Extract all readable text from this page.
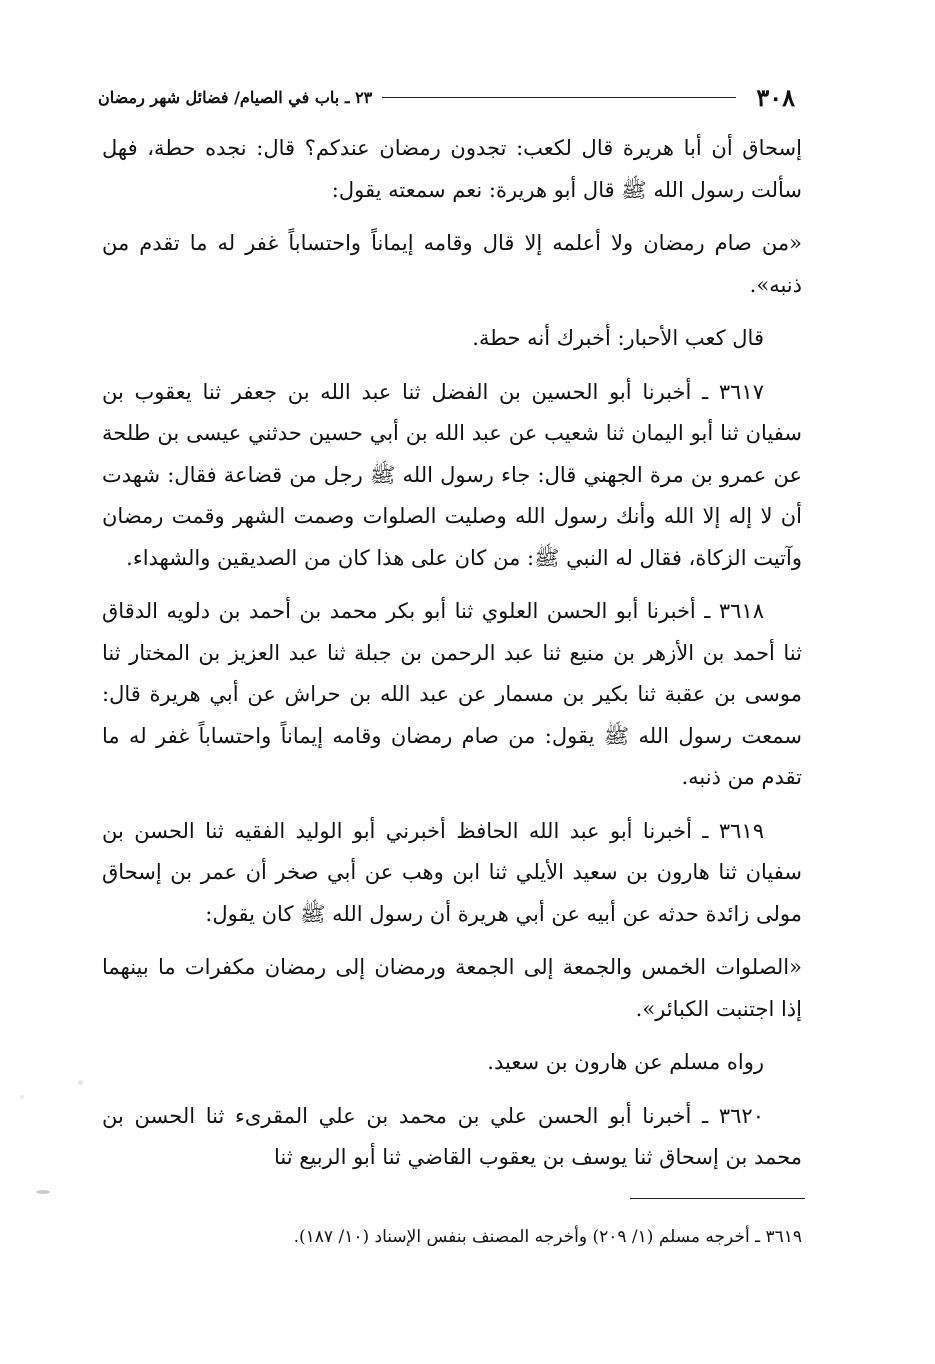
٣٠٨
٢٣ ـ باب في الصيام/ فضائل شهر رمضان

إسحاق أن أبا هريرة قال لكعب: تجدون رمضان عندكم؟ قال: نجده حطة، فهل سألت رسول الله ﷺ قال أبو هريرة: نعم سمعته يقول:

«من صام رمضان ولا أعلمه إلا قال وقامه إيماناً واحتساباً غفر له ما تقدم من ذنبه».

قال كعب الأحبار: أخبرك أنه حطة.

٣٦١٧ ـ أخبرنا أبو الحسين بن الفضل ثنا عبد الله بن جعفر ثنا يعقوب بن سفيان ثنا أبو اليمان ثنا شعيب عن عبد الله بن أبي حسين حدثني عيسى بن طلحة عن عمرو بن مرة الجهني قال: جاء رسول الله ﷺ رجل من قضاعة فقال: شهدت أن لا إله إلا الله وأنك رسول الله وصليت الصلوات وصمت الشهر وقمت رمضان وآتيت الزكاة، فقال له النبي ﷺ: من كان على هذا كان من الصديقين والشهداء.

٣٦١٨ ـ أخبرنا أبو الحسن العلوي ثنا أبو بكر محمد بن أحمد بن دلويه الدقاق ثنا أحمد بن الأزهر بن منيع ثنا عبد الرحمن بن جبلة ثنا عبد العزيز بن المختار ثنا موسى بن عقبة ثنا بكير بن مسمار عن عبد الله بن حراش عن أبي هريرة قال: سمعت رسول الله ﷺ يقول: من صام رمضان وقامه إيماناً واحتساباً غفر له ما تقدم من ذنبه.

٣٦١٩ ـ أخبرنا أبو عبد الله الحافظ أخبرني أبو الوليد الفقيه ثنا الحسن بن سفيان ثنا هارون بن سعيد الأيلي ثنا ابن وهب عن أبي صخر أن عمر بن إسحاق مولى زائدة حدثه عن أبيه عن أبي هريرة أن رسول الله ﷺ كان يقول:

«الصلوات الخمس والجمعة إلى الجمعة ورمضان إلى رمضان مكفرات ما بينهما إذا اجتنبت الكبائر».

رواه مسلم عن هارون بن سعيد.

٣٦٢٠ ـ أخبرنا أبو الحسن علي بن محمد بن علي المقرىء ثنا الحسن بن محمد بن إسحاق ثنا يوسف بن يعقوب القاضي ثنا أبو الربيع ثنا

٣٦١٩ ـ أخرجه مسلم (١/ ٢٠٩) وأخرجه المصنف بنفس الإسناد (١٠/ ١٨٧).
